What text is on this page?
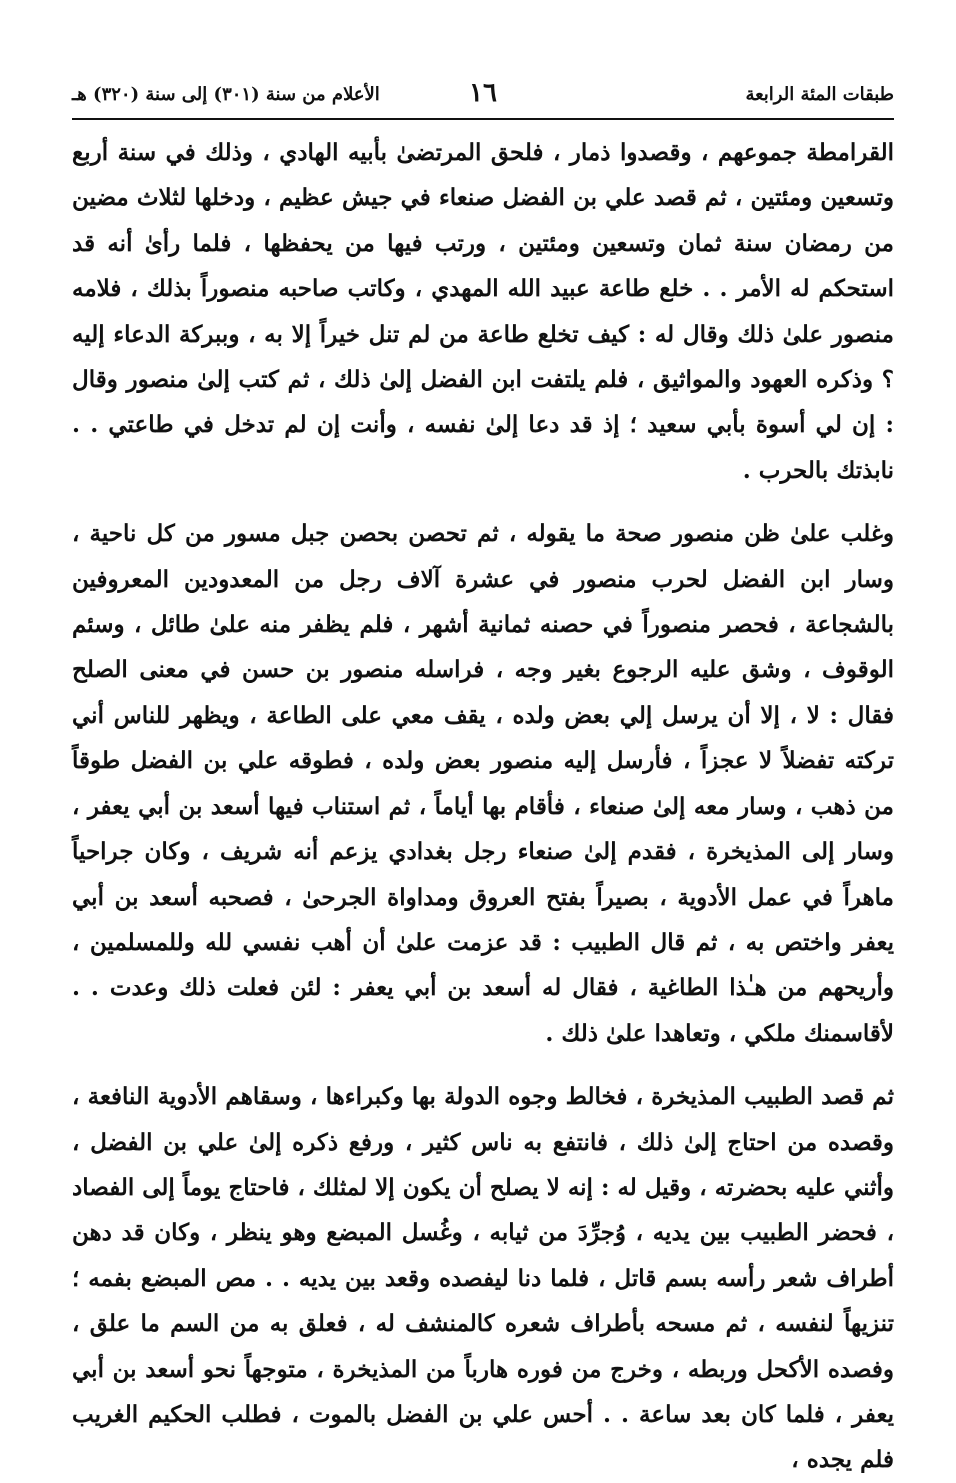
طبقات المئة الرابعة
١٦
الأعلام من سنة (٣٠١) إلى سنة (٣٢٠) هـ

القرامطة جموعهم ، وقصدوا ذمار ، فلحق المرتضىٰ بأبيه الهادي ، وذلك في سنة أربع وتسعين ومئتين ، ثم قصد علي بن الفضل صنعاء في جيش عظيم ، ودخلها لثلاث مضين من رمضان سنة ثمان وتسعين ومئتين ، ورتب فيها من يحفظها ، فلما رأىٰ أنه قد استحكم له الأمر . . خلع طاعة عبيد الله المهدي ، وكاتب صاحبه منصوراً بذلك ، فلامه منصور علىٰ ذلك وقال له : كيف تخلع طاعة من لم تنل خيراً إلا به ، وببركة الدعاء إليه ؟ وذكره العهود والمواثيق ، فلم يلتفت ابن الفضل إلىٰ ذلك ، ثم كتب إلىٰ منصور وقال : إن لي أسوة بأبي سعيد ؛ إذ قد دعا إلىٰ نفسه ، وأنت إن لم تدخل في طاعتي . . نابذتك بالحرب .

وغلب علىٰ ظن منصور صحة ما يقوله ، ثم تحصن بحصن جبل مسور من كل ناحية ، وسار ابن الفضل لحرب منصور في عشرة آلاف رجل من المعدودين المعروفين بالشجاعة ، فحصر منصوراً في حصنه ثمانية أشهر ، فلم يظفر منه علىٰ طائل ، وسئم الوقوف ، وشق عليه الرجوع بغير وجه ، فراسله منصور بن حسن في معنى الصلح فقال : لا ، إلا أن يرسل إلي بعض ولده ، يقف معي على الطاعة ، ويظهر للناس أني تركته تفضلاً لا عجزاً ، فأرسل إليه منصور بعض ولده ، فطوقه علي بن الفضل طوقاً من ذهب ، وسار معه إلىٰ صنعاء ، فأقام بها أياماً ، ثم استناب فيها أسعد بن أبي يعفر ، وسار إلى المذيخرة ، فقدم إلىٰ صنعاء رجل بغدادي يزعم أنه شريف ، وكان جراحياً ماهراً في عمل الأدوية ، بصيراً بفتح العروق ومداواة الجرحىٰ ، فصحبه أسعد بن أبي يعفر واختص به ، ثم قال الطبيب : قد عزمت علىٰ أن أهب نفسي لله وللمسلمين ، وأريحهم من هـٰذا الطاغية ، فقال له أسعد بن أبي يعفر : لئن فعلت ذلك وعدت . . لأقاسمنك ملكي ، وتعاهدا علىٰ ذلك .

ثم قصد الطبيب المذيخرة ، فخالط وجوه الدولة بها وكبراءها ، وسقاهم الأدوية النافعة ، وقصده من احتاج إلىٰ ذلك ، فانتفع به ناس كثير ، ورفع ذكره إلىٰ علي بن الفضل ، وأثني عليه بحضرته ، وقيل له : إنه لا يصلح أن يكون إلا لمثلك ، فاحتاج يوماً إلى الفصاد ، فحضر الطبيب بين يديه ، وُجرِّدَ من ثيابه ، وغُسل المبضع وهو ينظر ، وكان قد دهن أطراف شعر رأسه بسم قاتل ، فلما دنا ليفصده وقعد بين يديه . . مص المبضع بفمه ؛ تنزيهاً لنفسه ، ثم مسحه بأطراف شعره كالمنشف له ، فعلق به من السم ما علق ، وفصده الأكحل وربطه ، وخرج من فوره هارباً من المذيخرة ، متوجهاً نحو أسعد بن أبي يعفر ، فلما كان بعد ساعة . . أحس علي بن الفضل بالموت ، فطلب الحكيم الغريب فلم يجده ،
